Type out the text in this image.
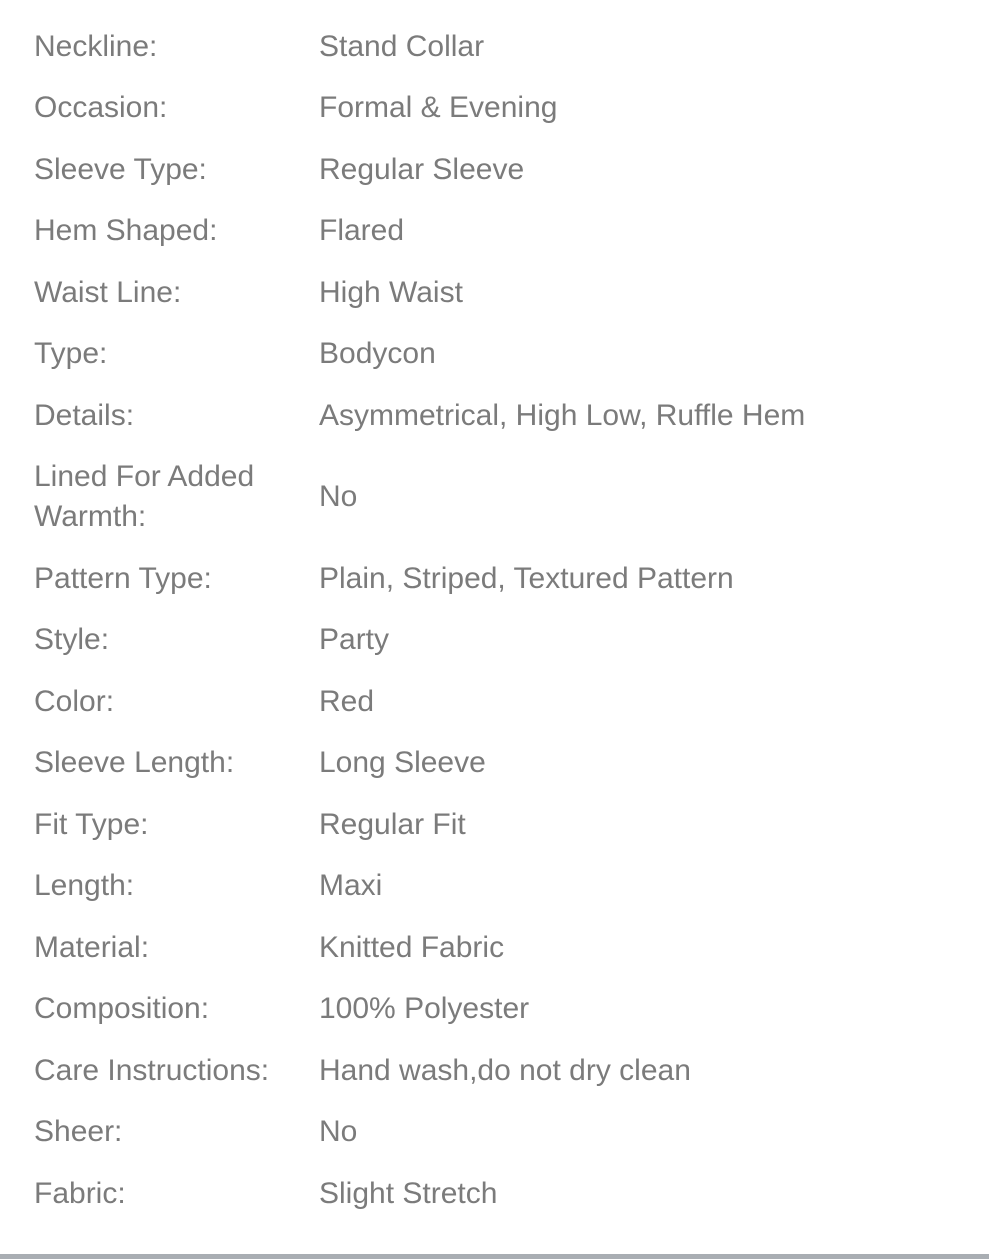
Neckline:	Stand Collar
Occasion:	Formal & Evening
Sleeve Type:	Regular Sleeve
Hem Shaped:	Flared
Waist Line:	High Waist
Type:	Bodycon
Details:	Asymmetrical, High Low, Ruffle Hem
Lined For Added Warmth:
No
Pattern Type:	Plain, Striped, Textured Pattern
Style:	Party
Color:	Red
Sleeve Length:	Long Sleeve
Fit Type:	Regular Fit
Length:	Maxi
Material:	Knitted Fabric
Composition:	100% Polyester
Care Instructions: Hand wash,do not dry clean
Sheer:	No
Fabric:	Slight Stretch
